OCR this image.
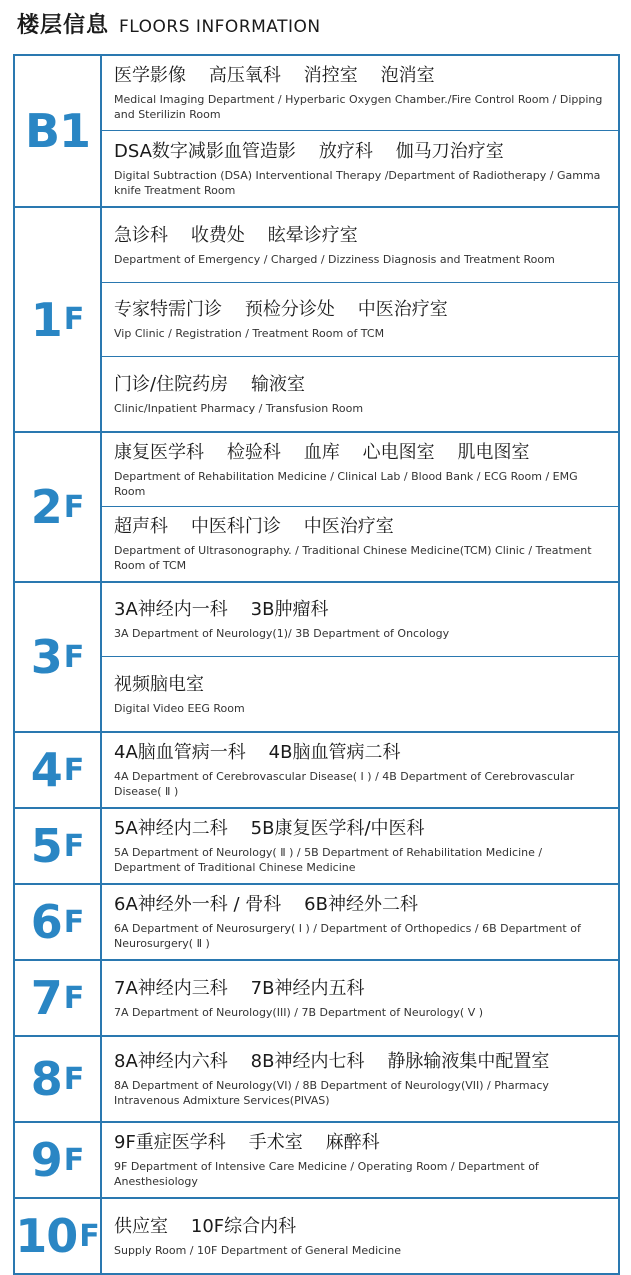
楼层信息 FLOORS INFORMATION
B1
医学影像    高压氧科    消控室    泡消室
Medical Imaging Department / Hyperbaric Oxygen Chamber./Fire Control Room / Dipping and Sterilizin Room
DSA数字减影血管造影    放疗科    伽马刀治疗室
Digital Subtraction (DSA) Interventional Therapy /Department of Radiotherapy / Gamma knife Treatment Room
1 F
急诊科    收费处    眩晕诊疗室
Department of Emergency / Charged / Dizziness Diagnosis and Treatment Room
专家特需门诊    预检分诊处    中医治疗室
Vip Clinic / Registration / Treatment Room of TCM
门诊/住院药房    输液室
Clinic/Inpatient Pharmacy / Transfusion Room
2 F
康复医学科    检验科    血库    心电图室    肌电图室
Department of Rehabilitation Medicine / Clinical Lab / Blood Bank / ECG Room / EMG Room
超声科    中医科门诊    中医治疗室
Department of Ultrasonography. / Traditional Chinese Medicine(TCM) Clinic / Treatment Room of TCM
3 F
3A神经内一科    3B肿瘤科
3A Department of Neurology(1)/ 3B Department of Oncology
视频脑电室
Digital Video EEG Room
4 F 4A脑血管病一科    4B脑血管病二科
4A Department of Cerebrovascular Disease( Ⅰ ) / 4B Department of Cerebrovascular Disease( Ⅱ )
5 F 5A神经内二科    5B康复医学科/中医科
5A Department of Neurology( Ⅱ ) / 5B Department of Rehabilitation Medicine / Department of Traditional Chinese Medicine
6 F 6A神经外一科 / 骨科    6B神经外二科
6A Department of Neurosurgery( Ⅰ ) / Department of Orthopedics / 6B Department of Neurosurgery( Ⅱ )
7 F 7A神经内三科    7B神经内五科
7A Department of Neurology(III) / 7B Department of Neurology( V )
8 F 8A神经内六科    8B神经内七科    静脉输液集中配置室
8A Department of Neurology(VI) / 8B Department of Neurology(VII) / Pharmacy Intravenous Admixture Services(PIVAS)
9 F 9F重症医学科    手术室    麻醉科
9F Department of Intensive Care Medicine / Operating Room / Department of Anesthesiology
10 F 供应室    10F综合内科
Supply Room / 10F Department of General Medicine
